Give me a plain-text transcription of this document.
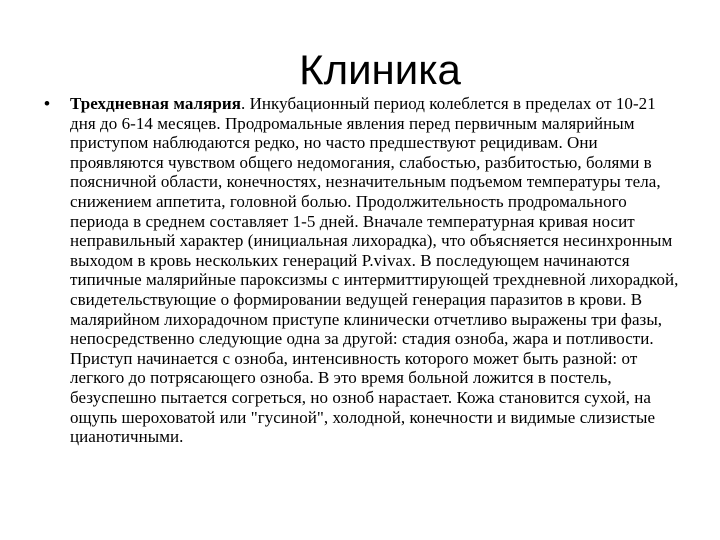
Клиника
•	Трехдневная малярия. Инкубационный период колеблется в пределах от 10-21 дня до 6-14 месяцев. Продромальные явления перед первичным малярийным приступом наблюдаются редко, но часто предшествуют рецидивам. Они проявляются чувством общего недомогания, слабостью, разбитостью, болями в поясничной области, конечностях, незначительным подъемом температуры тела, снижением аппетита, головной болью. Продолжительность продромального периода в среднем составляет 1-5 дней. Вначале температурная кривая носит неправильный характер (инициальная лихорадка), что объясняется несинхронным выходом в кровь нескольких генераций P.vivax. В последующем начинаются типичные малярийные пароксизмы с интермиттирующей трехдневной лихорадкой, свидетельствующие о формировании ведущей генерация паразитов в крови. В малярийном лихорадочном приступе клинически отчетливо выражены три фазы, непосредственно следующие одна за другой: стадия озноба, жара и потливости. Приступ начинается с озноба, интенсивность которого может быть разной: от легкого до потрясающего озноба. В это время больной ложится в постель, безуспешно пытается согреться, но озноб нарастает. Кожа становится сухой, на ощупь шероховатой или "гусиной", холодной, конечности и видимые слизистые цианотичными.
